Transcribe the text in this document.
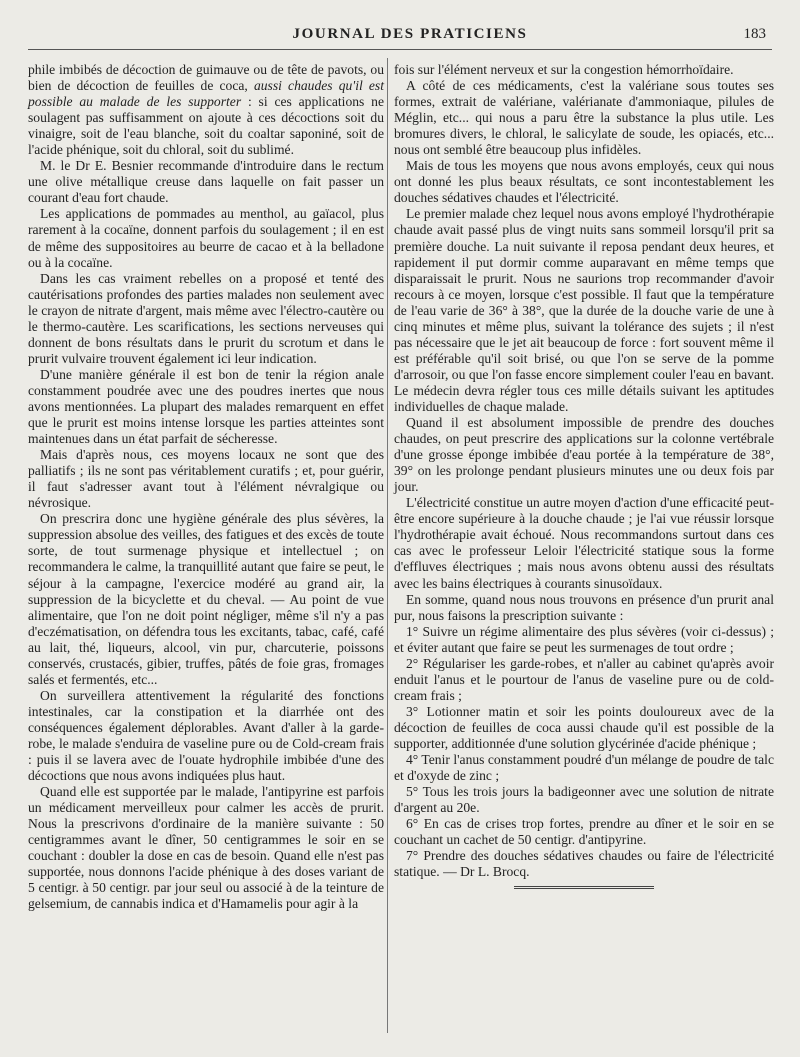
JOURNAL DES PRATICIENS	183

phile imbibés de décoction de guimauve ou de tête de pavots, ou bien de décoction de feuilles de coca, aussi chaudes qu'il est possible au malade de les supporter : si ces applications ne soulagent pas suffisamment on ajoute à ces décoctions soit du vinaigre, soit de l'eau blanche, soit du coaltar saponiné, soit de l'acide phénique, soit du chloral, soit du sublimé.

M. le Dr E. Besnier recommande d'introduire dans le rectum une olive métallique creuse dans laquelle on fait passer un courant d'eau fort chaude.

Les applications de pommades au menthol, au gaïacol, plus rarement à la cocaïne, donnent parfois du soulagement ; il en est de même des suppositoires au beurre de cacao et à la belladone ou à la cocaïne.

Dans les cas vraiment rebelles on a proposé et tenté des cautérisations profondes des parties malades non seulement avec le crayon de nitrate d'argent, mais même avec l'électro-cautère ou le thermo-cautère. Les scarifications, les sections nerveuses qui donnent de bons résultats dans le prurit du scrotum et dans le prurit vulvaire trouvent également ici leur indication.

D'une manière générale il est bon de tenir la région anale constamment poudrée avec une des poudres inertes que nous avons mentionnées. La plupart des malades remarquent en effet que le prurit est moins intense lorsque les parties atteintes sont maintenues dans un état parfait de sécheresse.

Mais d'après nous, ces moyens locaux ne sont que des palliatifs ; ils ne sont pas véritablement curatifs ; et, pour guérir, il faut s'adresser avant tout à l'élément névralgique ou névrosique.

On prescrira donc une hygiène générale des plus sévères, la suppression absolue des veilles, des fatigues et des excès de toute sorte, de tout surmenage physique et intellectuel ; on recommandera le calme, la tranquillité autant que faire se peut, le séjour à la campagne, l'exercice modéré au grand air, la suppression de la bicyclette et du cheval. — Au point de vue alimentaire, que l'on ne doit point négliger, même s'il n'y a pas d'eczématisation, on défendra tous les excitants, tabac, café, café au lait, thé, liqueurs, alcool, vin pur, charcuterie, poissons conservés, crustacés, gibier, truffes, pâtés de foie gras, fromages salés et fermentés, etc...

On surveillera attentivement la régularité des fonctions intestinales, car la constipation et la diarrhée ont des conséquences également déplorables. Avant d'aller à la garde-robe, le malade s'enduira de vaseline pure ou de Cold-cream frais : puis il se lavera avec de l'ouate hydrophile imbibée d'une des décoctions que nous avons indiquées plus haut.

Quand elle est supportée par le malade, l'antipyrine est parfois un médicament merveilleux pour calmer les accès de prurit. Nous la prescrivons d'ordinaire de la manière suivante : 50 centigrammes avant le dîner, 50 centigrammes le soir en se couchant : doubler la dose en cas de besoin. Quand elle n'est pas supportée, nous donnons l'acide phénique à des doses variant de 5 centigr. à 50 centigr. par jour seul ou associé à de la teinture de gelsemium, de cannabis indica et d'Hamamelis pour agir à la

fois sur l'élément nerveux et sur la congestion hémorrhoïdaire.

A côté de ces médicaments, c'est la valériane sous toutes ses formes, extrait de valériane, valérianate d'ammoniaque, pilules de Méglin, etc... qui nous a paru être la substance la plus utile. Les bromures divers, le chloral, le salicylate de soude, les opiacés, etc... nous ont semblé être beaucoup plus infidèles.

Mais de tous les moyens que nous avons employés, ceux qui nous ont donné les plus beaux résultats, ce sont incontestablement les douches sédatives chaudes et l'électricité.

Le premier malade chez lequel nous avons employé l'hydrothérapie chaude avait passé plus de vingt nuits sans sommeil lorsqu'il prit sa première douche. La nuit suivante il reposa pendant deux heures, et rapidement il put dormir comme auparavant en même temps que disparaissait le prurit. Nous ne saurions trop recommander d'avoir recours à ce moyen, lorsque c'est possible. Il faut que la température de l'eau varie de 36° à 38°, que la durée de la douche varie de une à cinq minutes et même plus, suivant la tolérance des sujets ; il n'est pas nécessaire que le jet ait beaucoup de force : fort souvent même il est préférable qu'il soit brisé, ou que l'on se serve de la pomme d'arrosoir, ou que l'on fasse encore simplement couler l'eau en bavant. Le médecin devra régler tous ces mille détails suivant les aptitudes individuelles de chaque malade.

Quand il est absolument impossible de prendre des douches chaudes, on peut prescrire des applications sur la colonne vertébrale d'une grosse éponge imbibée d'eau portée à la température de 38°, 39° on les prolonge pendant plusieurs minutes une ou deux fois par jour.

L'électricité constitue un autre moyen d'action d'une efficacité peut-être encore supérieure à la douche chaude ; je l'ai vue réussir lorsque l'hydrothérapie avait échoué. Nous recommandons surtout dans ces cas avec le professeur Leloir l'électricité statique sous la forme d'effluves électriques ; mais nous avons obtenu aussi des résultats avec les bains électriques à courants sinusoïdaux.

En somme, quand nous nous trouvons en présence d'un prurit anal pur, nous faisons la prescription suivante :

1° Suivre un régime alimentaire des plus sévères (voir ci-dessus) ; et éviter autant que faire se peut les surmenages de tout ordre ;

2° Régulariser les garde-robes, et n'aller au cabinet qu'après avoir enduit l'anus et le pourtour de l'anus de vaseline pure ou de cold-cream frais ;

3° Lotionner matin et soir les points douloureux avec de la décoction de feuilles de coca aussi chaude qu'il est possible de la supporter, additionnée d'une solution glycérinée d'acide phénique ;

4° Tenir l'anus constamment poudré d'un mélange de poudre de talc et d'oxyde de zinc ;

5° Tous les trois jours la badigeonner avec une solution de nitrate d'argent au 20e.

6° En cas de crises trop fortes, prendre au dîner et le soir en se couchant un cachet de 50 centigr. d'antipyrine.

7° Prendre des douches sédatives chaudes ou faire de l'électricité statique. — Dr L. Brocq.
